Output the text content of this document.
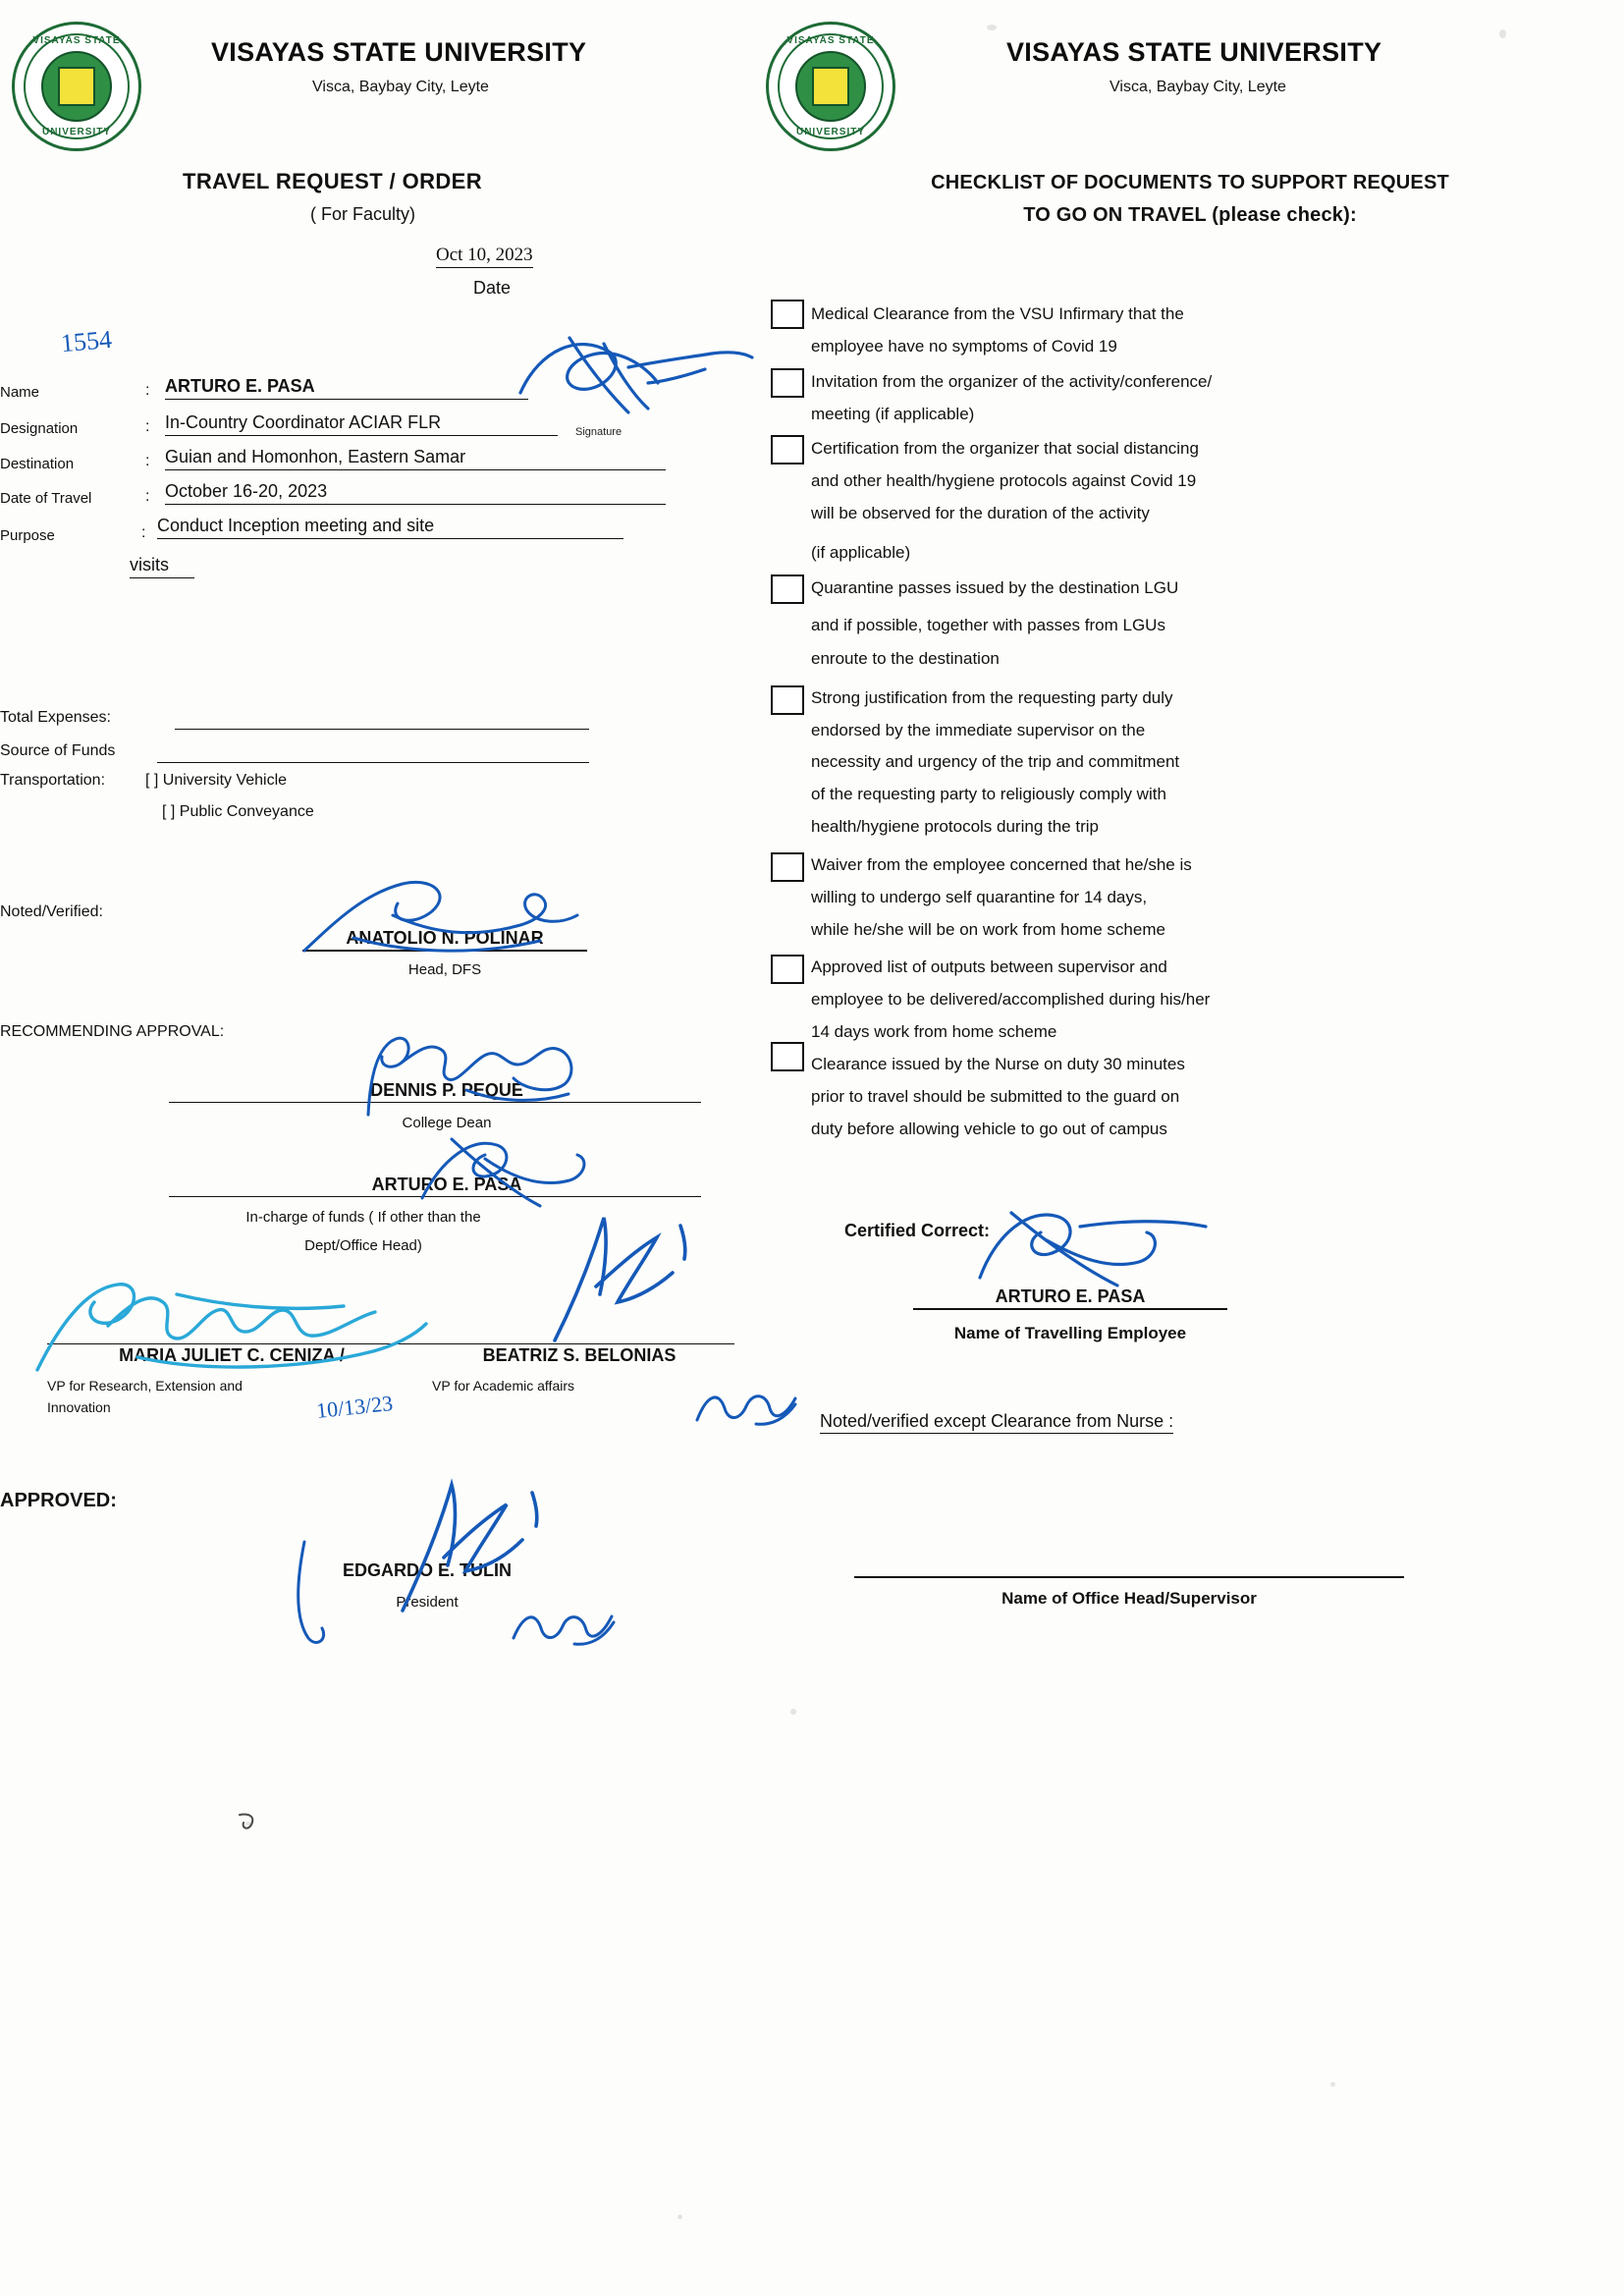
VISAYAS STATE
UNIVERSITY
VISAYAS STATE UNIVERSITY
Visca, Baybay City, Leyte
TRAVEL REQUEST / ORDER
( For Faculty)
Oct 10, 2023
Date
1554
Name	: ARTURO E. PASA
Designation	: In-Country Coordinator ACIAR FLR
Destination	: Guian and Homonhon, Eastern Samar
Date of Travel	: October 16-20, 2023
Purpose	: Conduct Inception meeting and site
visits
Signature
Total Expenses:
Source of Funds
Transportation:	[ ] University Vehicle
[ ] Public Conveyance
Noted/Verified:
ANATOLIO N. POLINAR
Head, DFS
RECOMMENDING APPROVAL:
DENNIS P. PEQUE
College Dean
ARTURO E. PASA
In-charge of funds ( If other than the
Dept/Office Head)
MARIA JULIET C. CENIZA /
VP for Research, Extension and
Innovation
BEATRIZ S. BELONIAS
VP for Academic affairs
10/13/23
APPROVED:
EDGARDO E. TULIN
President
VISAYAS STATE
UNIVERSITY
VISAYAS STATE UNIVERSITY
Visca, Baybay City, Leyte
CHECKLIST OF DOCUMENTS TO SUPPORT REQUEST
TO GO ON TRAVEL (please check):
Medical Clearance from the VSU Infirmary that the
employee have no symptoms of Covid 19
Invitation from the organizer of the activity/conference/
meeting (if applicable)
Certification from the organizer that social distancing
and other health/hygiene protocols against Covid 19
will be observed for the duration of the activity
(if applicable)
Quarantine passes issued by the destination LGU
and if possible, together with passes from LGUs
enroute to the destination
Strong justification from the requesting party duly
endorsed by the immediate supervisor on the
necessity and urgency of the trip and commitment
of the requesting party to religiously comply with
health/hygiene protocols during the trip
Waiver from the employee concerned that he/she is
willing to undergo self quarantine for 14 days,
while he/she will be on work from home scheme
Approved list of outputs between supervisor and
employee to be delivered/accomplished during his/her
14 days work from home scheme
Clearance issued by the Nurse on duty 30 minutes
prior to travel should be submitted to the guard on
duty before allowing vehicle to go out of campus
Certified Correct:
ARTURO E. PASA
Name of Travelling Employee
Noted/verified except Clearance from Nurse :
Name of Office Head/Supervisor
